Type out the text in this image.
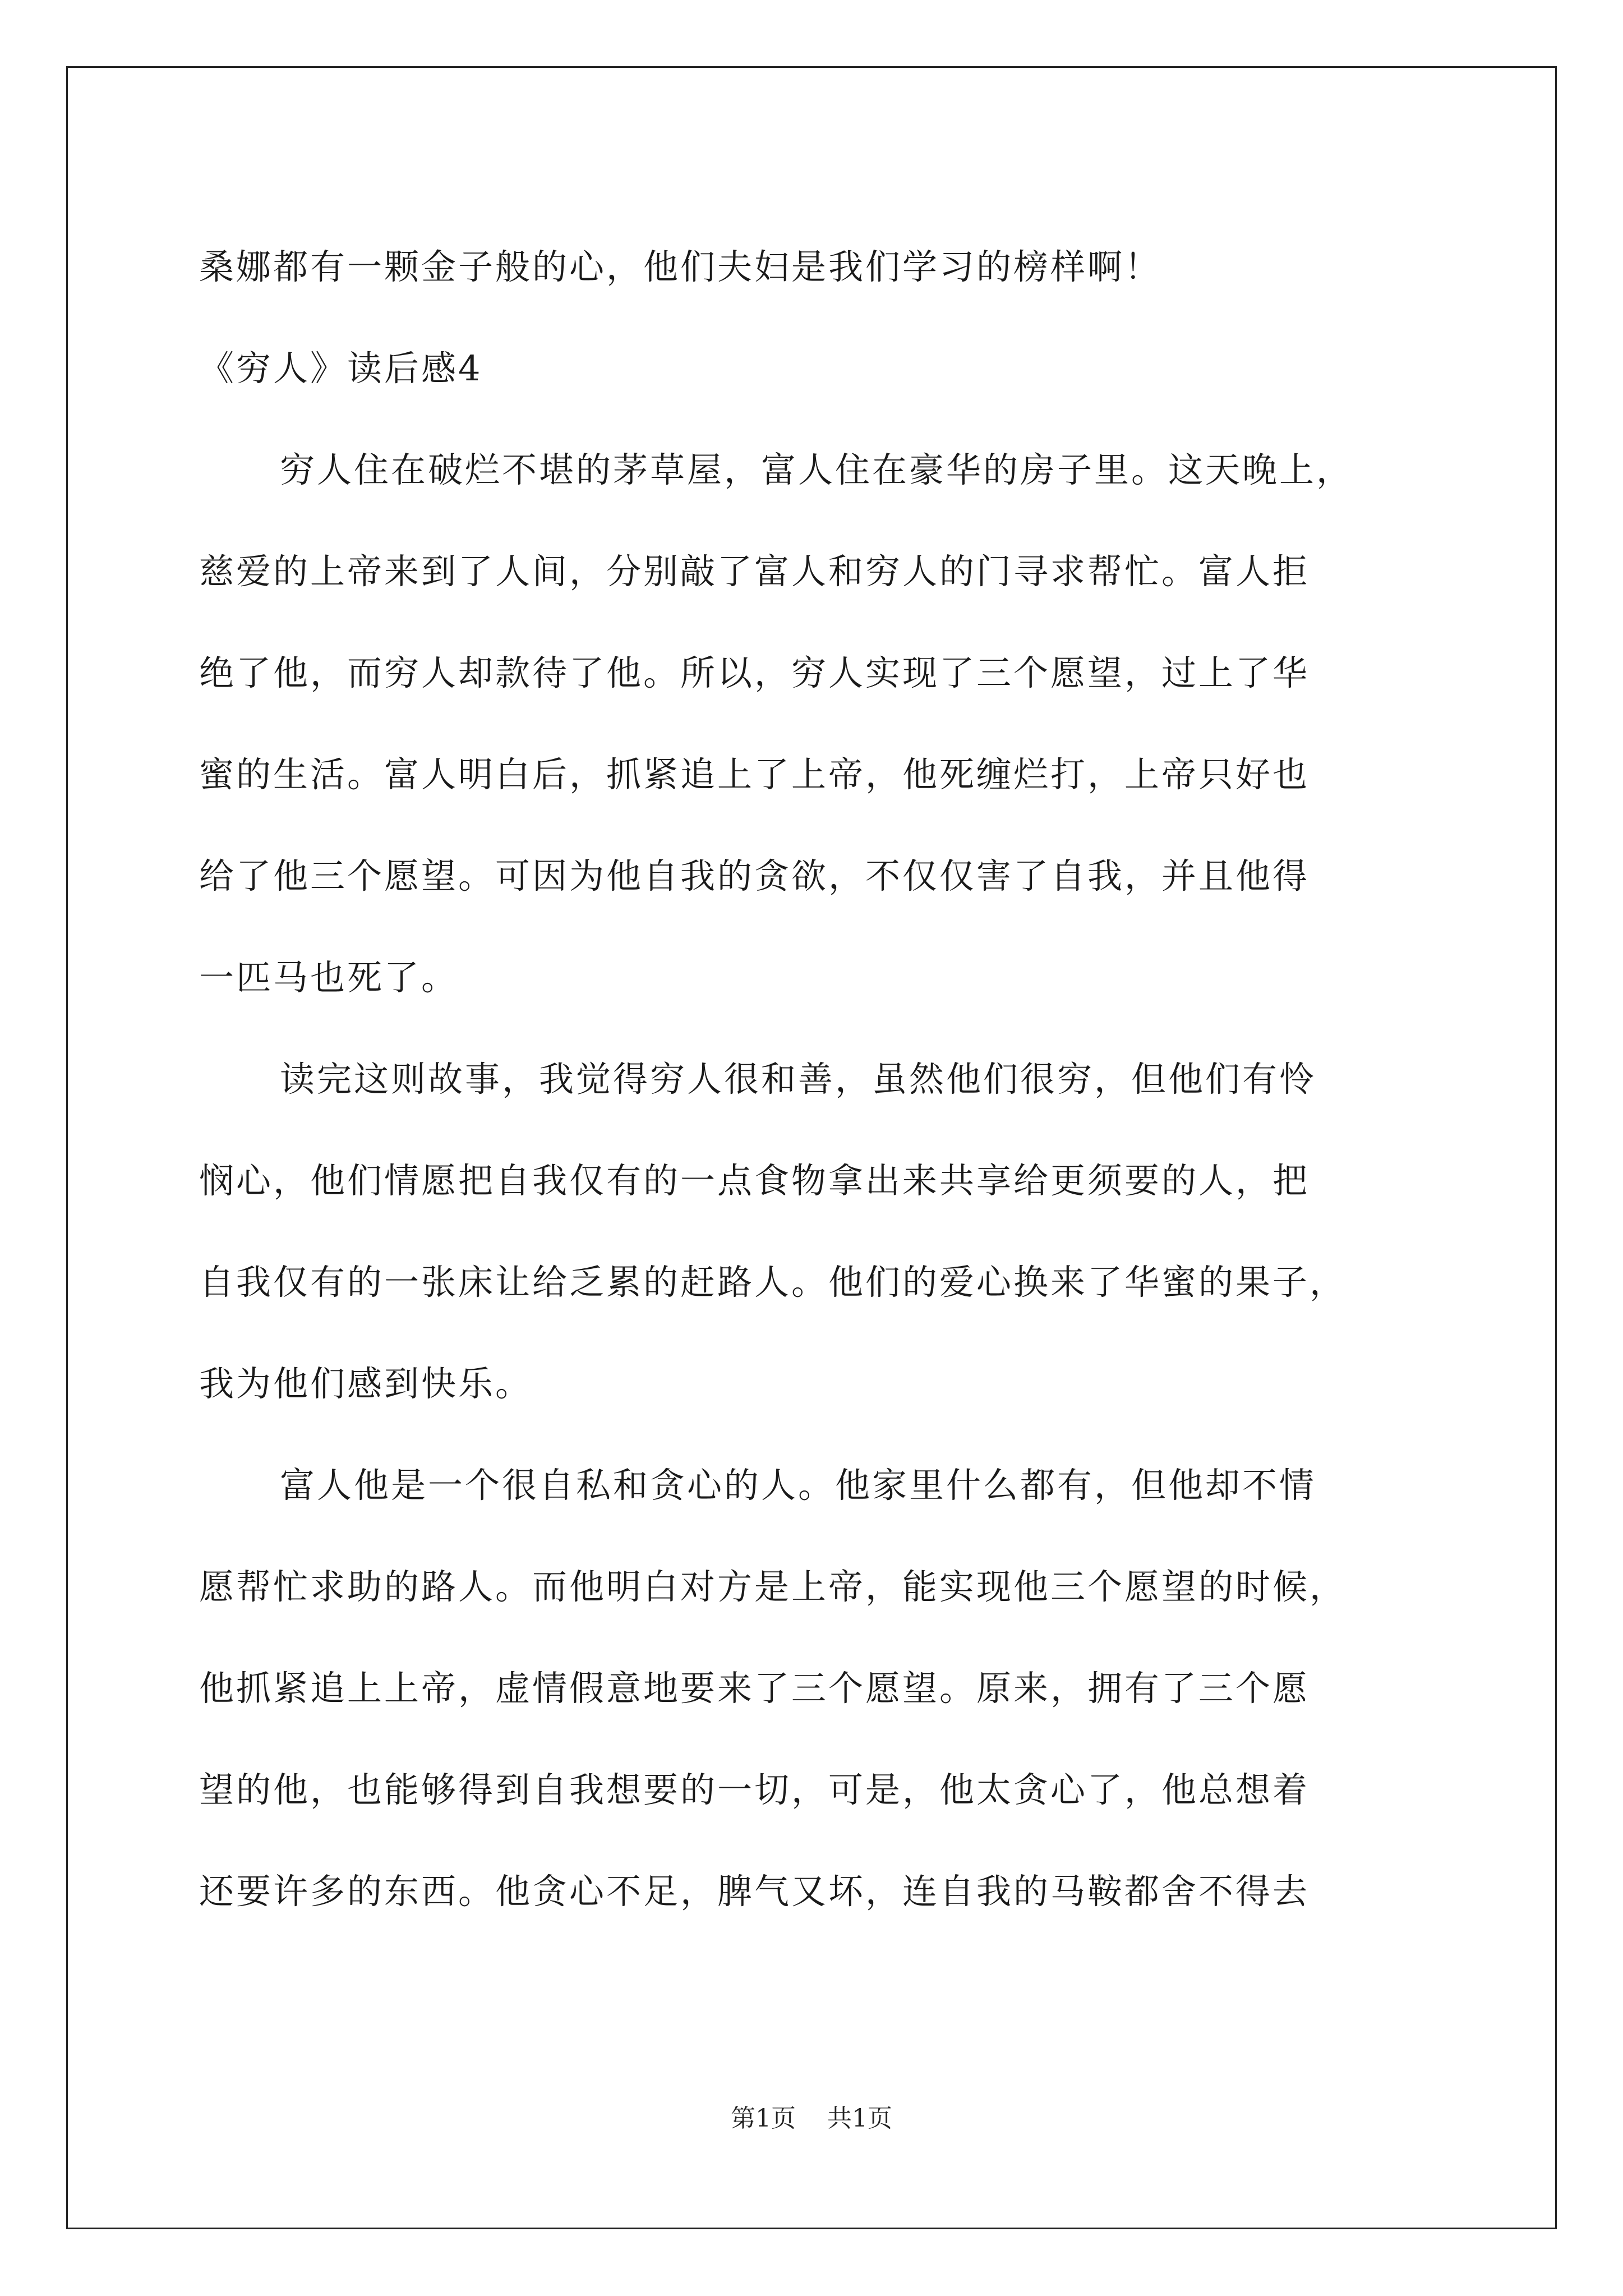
桑娜都有一颗金子般的心，他们夫妇是我们学习的榜样啊！
《穷人》读后感4
穷人住在破烂不堪的茅草屋，富人住在豪华的房子里。这天晚上，
慈爱的上帝来到了人间，分别敲了富人和穷人的门寻求帮忙。富人拒
绝了他，而穷人却款待了他。所以，穷人实现了三个愿望，过上了华
蜜的生活。富人明白后，抓紧追上了上帝，他死缠烂打，上帝只好也
给了他三个愿望。可因为他自我的贪欲，不仅仅害了自我，并且他得
一匹马也死了。
读完这则故事，我觉得穷人很和善，虽然他们很穷，但他们有怜
悯心，他们情愿把自我仅有的一点食物拿出来共享给更须要的人，把
自我仅有的一张床让给乏累的赶路人。他们的爱心换来了华蜜的果子，
我为他们感到快乐。
富人他是一个很自私和贪心的人。他家里什么都有，但他却不情
愿帮忙求助的路人。而他明白对方是上帝，能实现他三个愿望的时候，
他抓紧追上上帝，虚情假意地要来了三个愿望。原来，拥有了三个愿
望的他，也能够得到自我想要的一切，可是，他太贪心了，他总想着
还要许多的东西。他贪心不足，脾气又坏，连自我的马鞍都舍不得去
第1页 共1页
